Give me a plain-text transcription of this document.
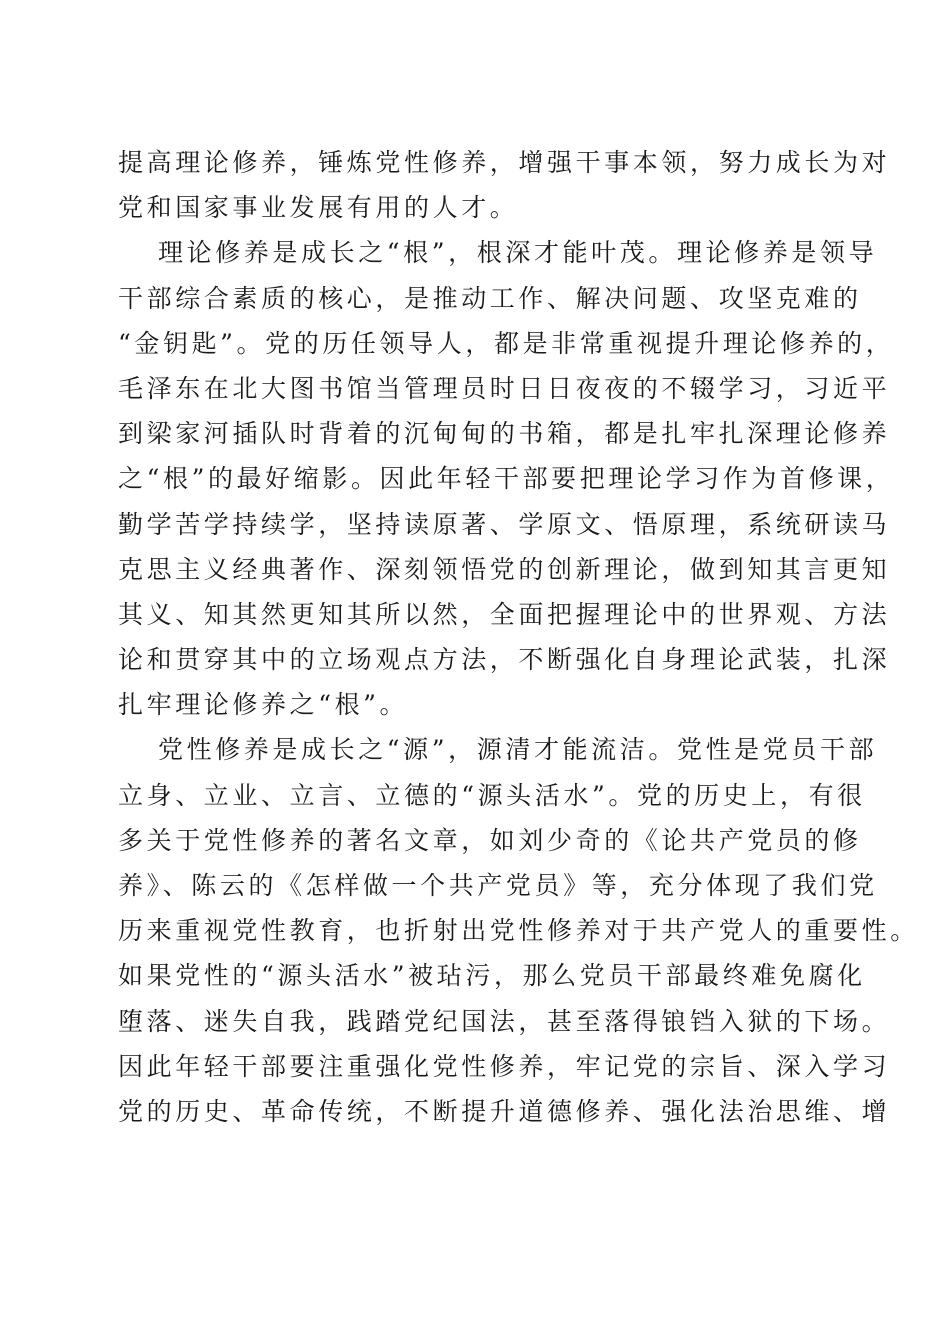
提高理论修养，锤炼党性修养，增强干事本领，努力成长为对
党和国家事业发展有用的人才。
理论修养是成长之“根”，根深才能叶茂。理论修养是领导
干部综合素质的核心，是推动工作、解决问题、攻坚克难的
“金钥匙”。党的历任领导人，都是非常重视提升理论修养的，
毛泽东在北大图书馆当管理员时日日夜夜的不辍学习，习近平
到梁家河插队时背着的沉甸甸的书箱，都是扎牢扎深理论修养
之“根”的最好缩影。因此年轻干部要把理论学习作为首修课，
勤学苦学持续学，坚持读原著、学原文、悟原理，系统研读马
克思主义经典著作、深刻领悟党的创新理论，做到知其言更知
其义、知其然更知其所以然，全面把握理论中的世界观、方法
论和贯穿其中的立场观点方法，不断强化自身理论武装，扎深
扎牢理论修养之“根”。
党性修养是成长之“源”，源清才能流洁。党性是党员干部
立身、立业、立言、立德的“源头活水”。党的历史上，有很
多关于党性修养的著名文章，如刘少奇的《论共产党员的修
养》、陈云的《怎样做一个共产党员》等，充分体现了我们党
历来重视党性教育，也折射出党性修养对于共产党人的重要性。
如果党性的“源头活水”被玷污，那么党员干部最终难免腐化
堕落、迷失自我，践踏党纪国法，甚至落得锒铛入狱的下场。
因此年轻干部要注重强化党性修养，牢记党的宗旨、深入学习
党的历史、革命传统，不断提升道德修养、强化法治思维、增
